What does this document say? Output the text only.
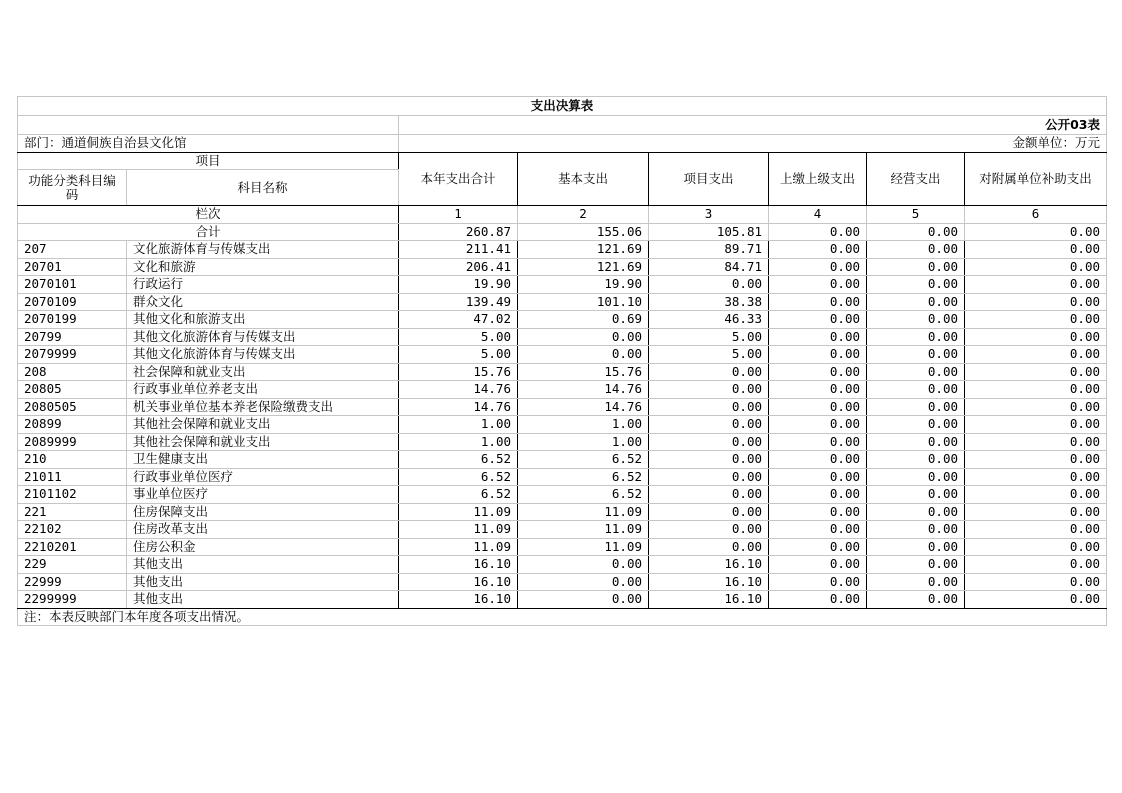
支出决算表							
		公开03表					
部门：通道侗族自治县文化馆		金额单位：万元					
项目		本年支出合计	基本支出	项目支出	上缴上级支出	经营支出	对附属单位补助支出
功能分类科目编码	科目名称						
栏次		1	2	3	4	5	6
合计		260.87	155.06	105.81	0.00	0.00	0.00
207	文化旅游体育与传媒支出	211.41	121.69	89.71	0.00	0.00	0.00
20701	文化和旅游	206.41	121.69	84.71	0.00	0.00	0.00
2070101	行政运行	19.90	19.90	0.00	0.00	0.00	0.00
2070109	群众文化	139.49	101.10	38.38	0.00	0.00	0.00
2070199	其他文化和旅游支出	47.02	0.69	46.33	0.00	0.00	0.00
20799	其他文化旅游体育与传媒支出	5.00	0.00	5.00	0.00	0.00	0.00
2079999	其他文化旅游体育与传媒支出	5.00	0.00	5.00	0.00	0.00	0.00
208	社会保障和就业支出	15.76	15.76	0.00	0.00	0.00	0.00
20805	行政事业单位养老支出	14.76	14.76	0.00	0.00	0.00	0.00
2080505	机关事业单位基本养老保险缴费支出	14.76	14.76	0.00	0.00	0.00	0.00
20899	其他社会保障和就业支出	1.00	1.00	0.00	0.00	0.00	0.00
2089999	其他社会保障和就业支出	1.00	1.00	0.00	0.00	0.00	0.00
210	卫生健康支出	6.52	6.52	0.00	0.00	0.00	0.00
21011	行政事业单位医疗	6.52	6.52	0.00	0.00	0.00	0.00
2101102	事业单位医疗	6.52	6.52	0.00	0.00	0.00	0.00
221	住房保障支出	11.09	11.09	0.00	0.00	0.00	0.00
22102	住房改革支出	11.09	11.09	0.00	0.00	0.00	0.00
2210201	住房公积金	11.09	11.09	0.00	0.00	0.00	0.00
229	其他支出	16.10	0.00	16.10	0.00	0.00	0.00
22999	其他支出	16.10	0.00	16.10	0.00	0.00	0.00
2299999	其他支出	16.10	0.00	16.10	0.00	0.00	0.00
注：本表反映部门本年度各项支出情况。							
